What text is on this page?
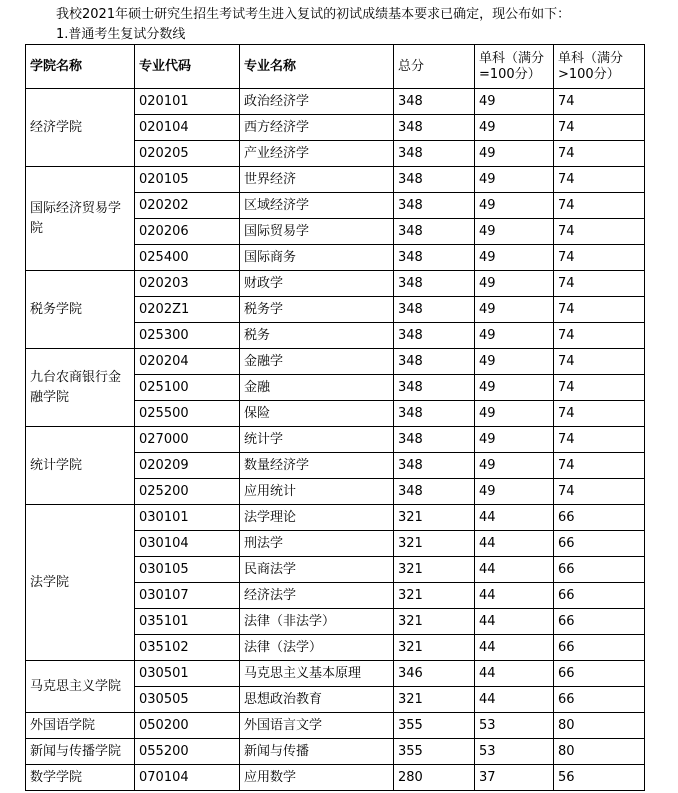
我校2021年硕士研究生招生考试考生进入复试的初试成绩基本要求已确定，现公布如下：
1.普通考生复试分数线
学院名称	专业代码	专业名称	总分	单科（满分=100分）	单科（满分>100分）
经济学院	020101	政治经济学	348	49	74
	020104	西方经济学	348	49	74
	020205	产业经济学	348	49	74
国际经济贸易学院	020105	世界经济	348	49	74
	020202	区域经济学	348	49	74
	020206	国际贸易学	348	49	74
	025400	国际商务	348	49	74
税务学院	020203	财政学	348	49	74
	0202Z1	税务学	348	49	74
	025300	税务	348	49	74
九台农商银行金融学院	020204	金融学	348	49	74
	025100	金融	348	49	74
	025500	保险	348	49	74
统计学院	027000	统计学	348	49	74
	020209	数量经济学	348	49	74
	025200	应用统计	348	49	74
法学院	030101	法学理论	321	44	66
	030104	刑法学	321	44	66
	030105	民商法学	321	44	66
	030107	经济法学	321	44	66
	035101	法律（非法学）	321	44	66
	035102	法律（法学）	321	44	66
马克思主义学院	030501	马克思主义基本原理	346	44	66
	030505	思想政治教育	321	44	66
外国语学院	050200	外国语言文学	355	53	80
新闻与传播学院	055200	新闻与传播	355	53	80
数学学院	070104	应用数学	280	37	56
